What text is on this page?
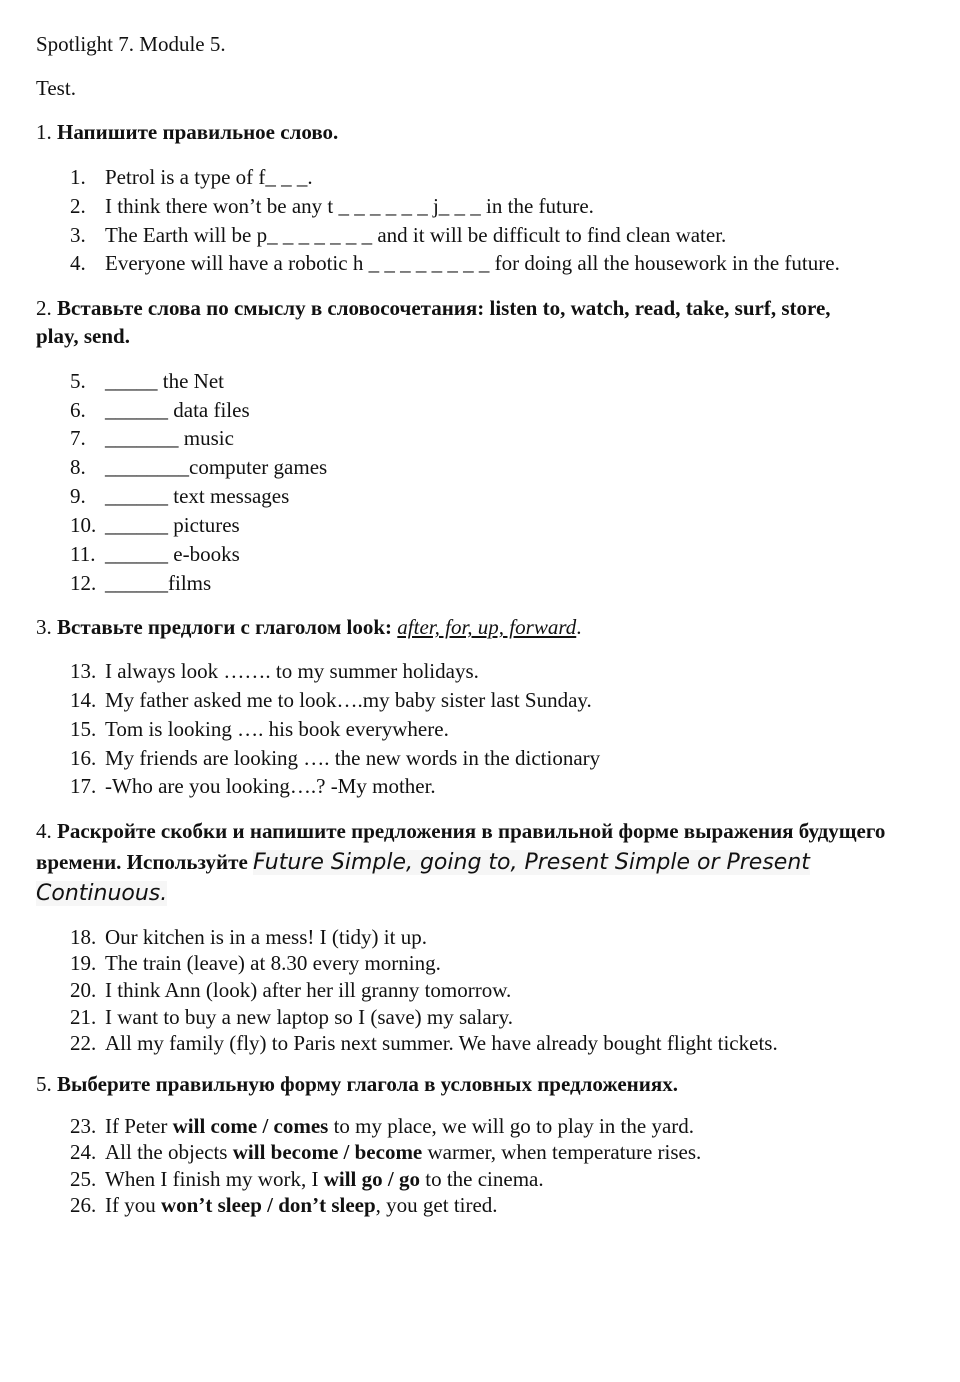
Spotlight 7. Module 5.
Test.
1. Напишите правильное слово.
1. Petrol is a type of f_ _ _.
2. I think there won’t be any t _ _ _ _ _ _ j_ _ _ in the future.
3. The Earth will be p_ _ _ _ _ _ _ and it will be difficult to find clean water.
4. Everyone will have a robotic h _ _ _ _ _ _ _ _ for doing all the housework in the future.
2. Вставьте слова по смыслу в словосочетания: listen to, watch, read, take, surf, store,
play, send.
5. _____ the Net
6. ______ data files
7. _______ music
8. ________computer games
9. ______ text messages
10. ______ pictures
11. ______ e-books
12. ______films
3. Вставьте предлоги с глаголом look: after, for, up, forward.
13. I always look ……. to my summer holidays.
14. My father asked me to look….my baby sister last Sunday.
15. Tom is looking …. his book everywhere.
16. My friends are looking …. the new words in the dictionary
17. -Who are you looking….? -My mother.
4. Раскройте скобки и напишите предложения в правильной форме выражения будущего времени. Используйте Future Simple, going to, Present Simple or Present Continuous.
18. Our kitchen is in a mess! I (tidy) it up.
19. The train (leave) at 8.30 every morning.
20. I think Ann (look) after her ill granny tomorrow.
21. I want to buy a new laptop so I (save) my salary.
22. All my family (fly) to Paris next summer. We have already bought flight tickets.
5. Выберите правильную форму глагола в условных предложениях.
23. If Peter will come / comes to my place, we will go to play in the yard.
24. All the objects will become / become warmer, when temperature rises.
25. When I finish my work, I will go / go to the cinema.
26. If you won’t sleep / don’t sleep, you get tired.
